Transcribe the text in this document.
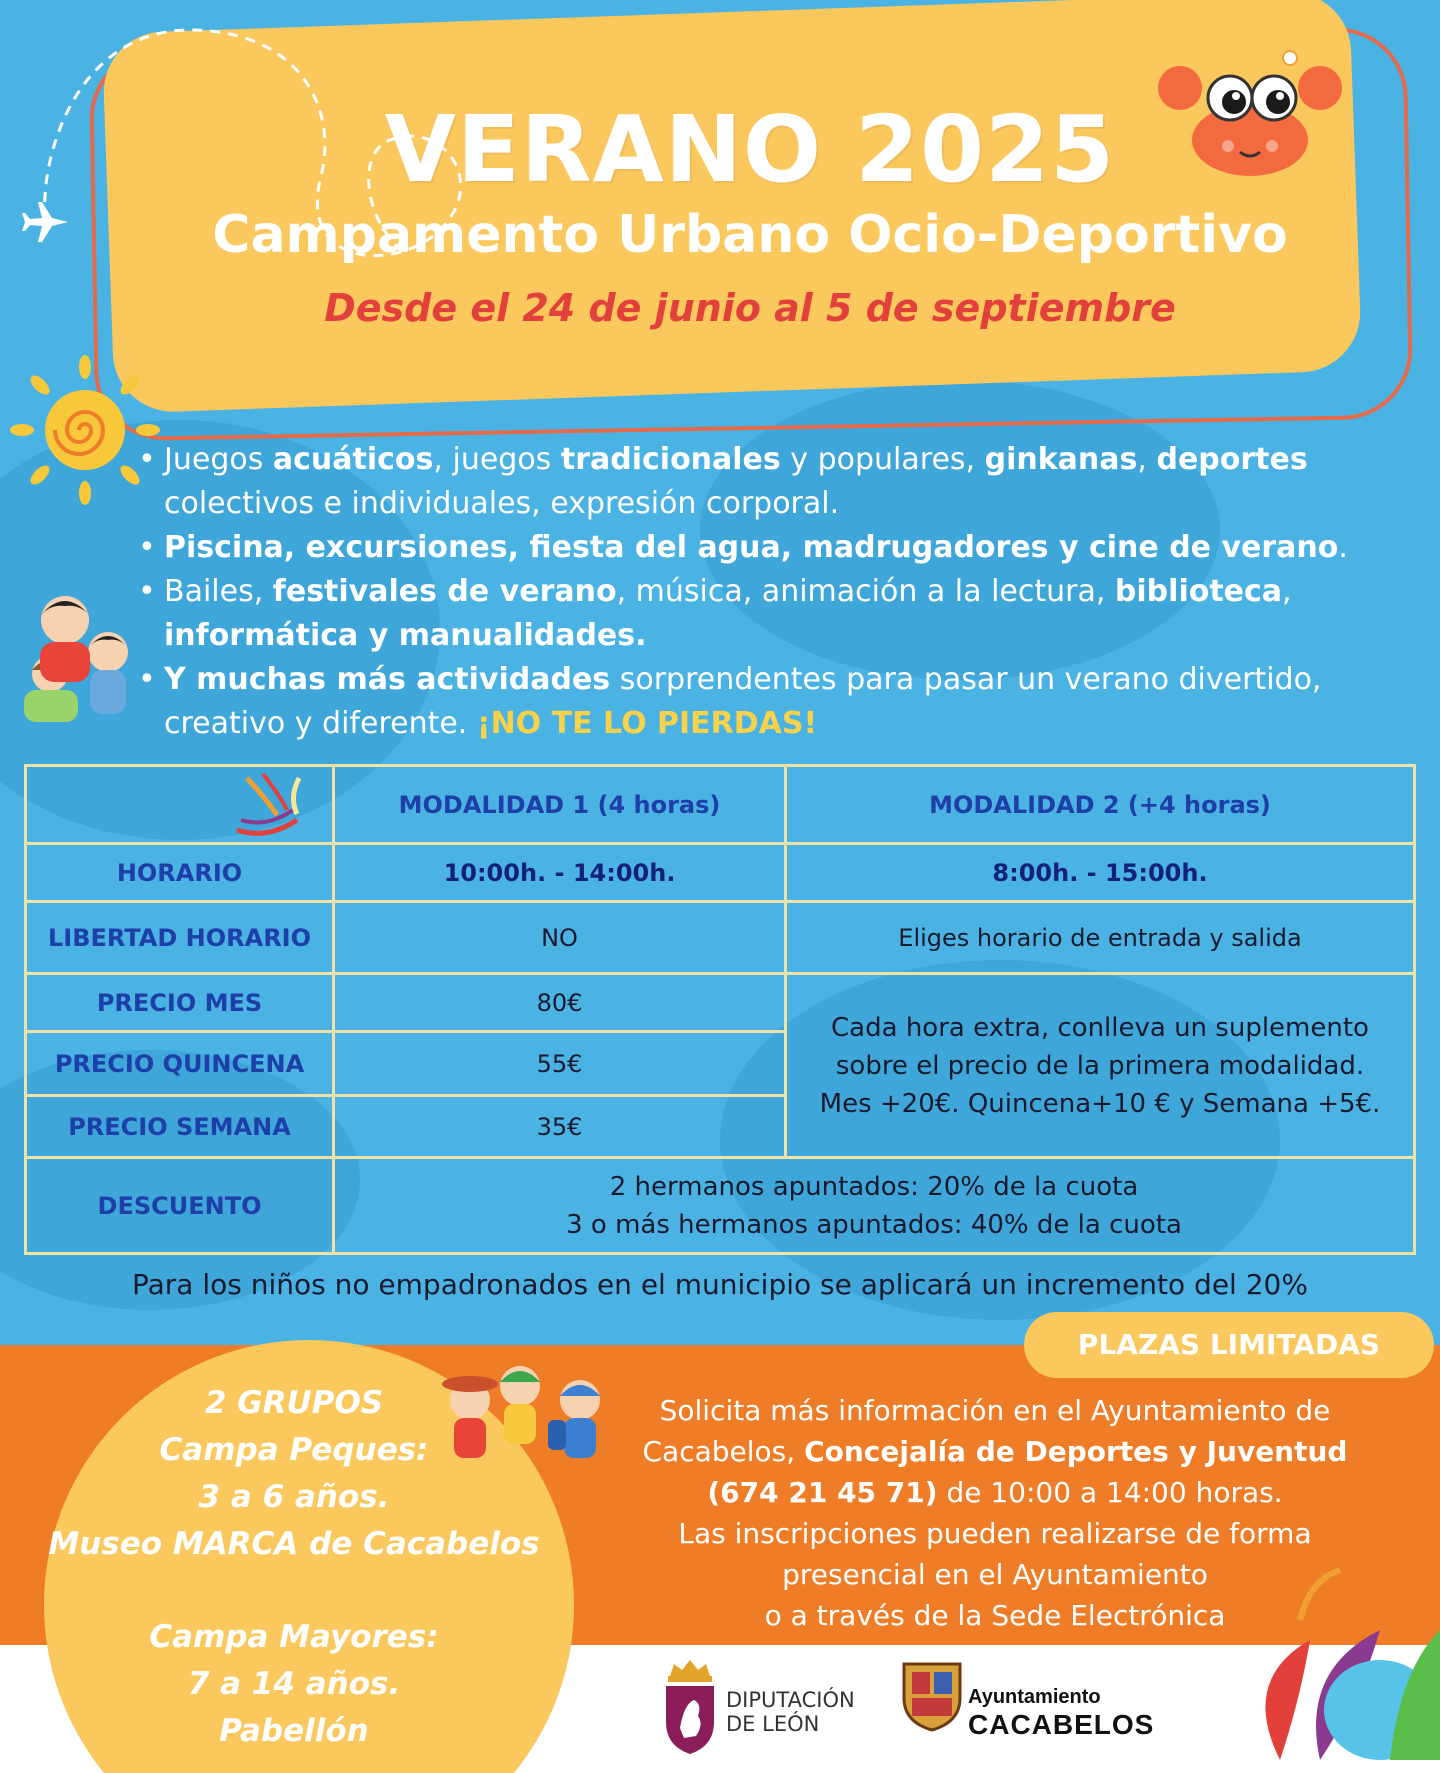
VERANO 2025
Campamento Urbano Ocio-Deportivo
Desde el 24 de junio al 5 de septiembre
• Juegos acuáticos, juegos tradicionales y populares, ginkanas, deportes colectivos e individuales, expresión corporal.
• Piscina, excursiones, fiesta del agua, madrugadores y cine de verano.
• Bailes, festivales de verano, música, animación a la lectura, biblioteca, informática y manualidades.
• Y muchas más actividades sorprendentes para pasar un verano divertido, creativo y diferente. ¡NO TE LO PIERDAS!
	MODALIDAD 1 (4 horas)	MODALIDAD 2 (+4 horas)
HORARIO	10:00h. - 14:00h.	8:00h. - 15:00h.
LIBERTAD HORARIO	NO	Eliges horario de entrada y salida
PRECIO MES	80€	Cada hora extra, conlleva un suplemento
sobre el precio de la primera modalidad.
Mes +20€. Quincena+10 € y Semana +5€.

PRECIO QUINCENA	55€	
PRECIO SEMANA	35€	
DESCUENTO	2 hermanos apuntados: 20% de la cuota
3 o más hermanos apuntados: 40% de la cuota	
Para los niños no empadronados en el municipio se aplicará un incremento del 20%
PLAZAS LIMITADAS
2 GRUPOS
Campa Peques:
3 a 6 años.
Museo MARCA de Cacabelos
Campa Mayores:
7 a 14 años.
Pabellón
Solicita más información en el Ayuntamiento de
Cacabelos, Concejalía de Deportes y Juventud
(674 21 45 71) de 10:00 a 14:00 horas.
Las inscripciones pueden realizarse de forma
presencial en el Ayuntamiento
o a través de la Sede Electrónica
DIPUTACIÓN
DE LEÓN
Ayuntamiento
CACABELOS
